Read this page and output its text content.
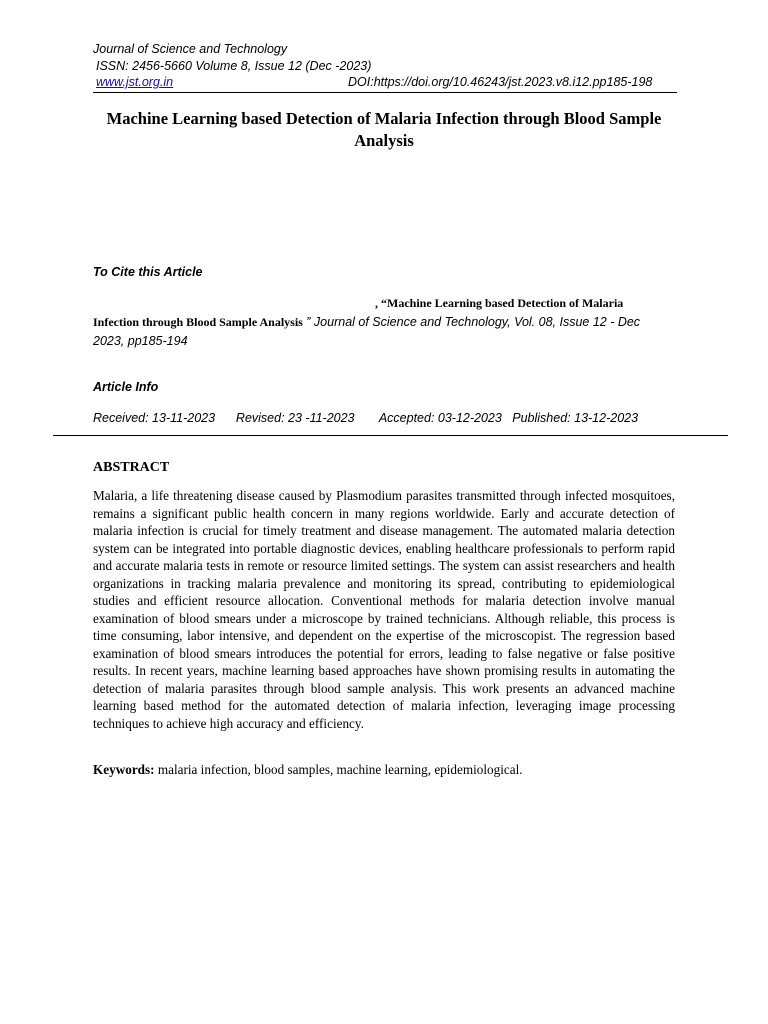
Journal of Science and Technology
ISSN: 2456-5660 Volume 8, Issue 12 (Dec -2023)
www.jst.org.in	DOI:https://doi.org/10.46243/jst.2023.v8.i12.pp185-198
Machine Learning based Detection of Malaria Infection through Blood Sample Analysis
To Cite this Article
, “Machine Learning based Detection of Malaria
Infection through Blood Sample Analysis ” Journal of Science and Technology, Vol. 08, Issue 12 - Dec
2023, pp185-194
Article Info
Received: 13-11-2023 Revised: 23 -11-2023 Accepted: 03-12-2023 Published: 13-12-2023
ABSTRACT
Malaria, a life threatening disease caused by Plasmodium parasites transmitted through infected mosquitoes, remains a significant public health concern in many regions worldwide. Early and accurate detection of malaria infection is crucial for timely treatment and disease management. The automated malaria detection system can be integrated into portable diagnostic devices, enabling healthcare professionals to perform rapid and accurate malaria tests in remote or resource limited settings. The system can assist researchers and health organizations in tracking malaria prevalence and monitoring its spread, contributing to epidemiological studies and efficient resource allocation. Conventional methods for malaria detection involve manual examination of blood smears under a microscope by trained technicians. Although reliable, this process is time consuming, labor intensive, and dependent on the expertise of the microscopist. The regression based examination of blood smears introduces the potential for errors, leading to false negative or false positive results. In recent years, machine learning based approaches have shown promising results in automating the detection of malaria parasites through blood sample analysis. This work presents an advanced machine learning based method for the automated detection of malaria infection, leveraging image processing techniques to achieve high accuracy and efficiency.
Keywords: malaria infection, blood samples, machine learning, epidemiological.
